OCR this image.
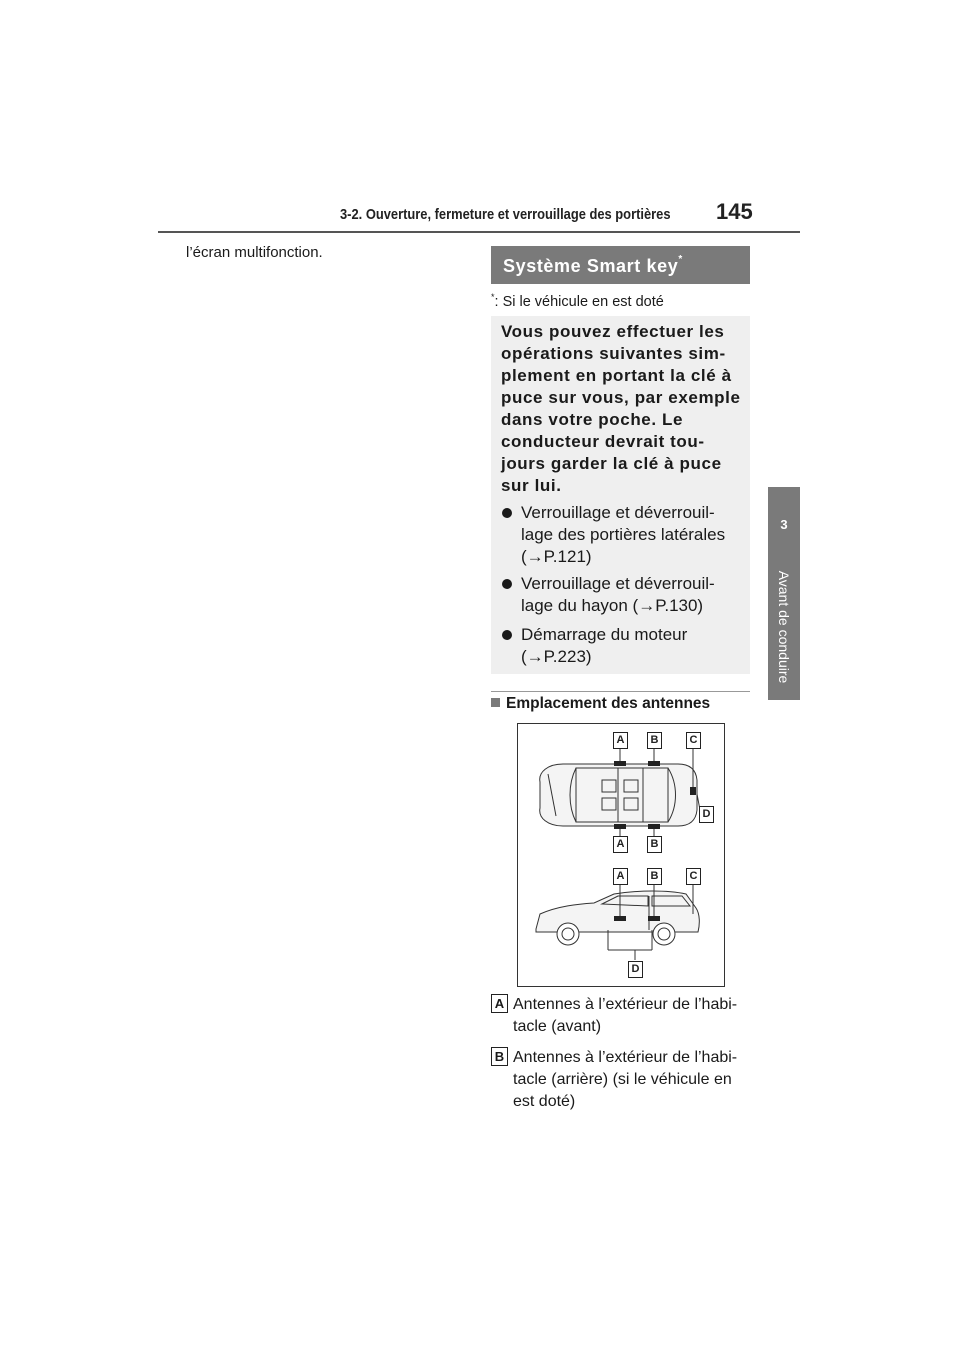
3-2. Ouverture, fermeture et verrouillage des portières 145
3
Avant de conduire
l’écran multifonction.
Système Smart key*
*: Si le véhicule en est doté
Vous pouvez effectuer les
opérations suivantes sim-
plement en portant la clé à
puce sur vous, par exemple
dans votre poche. Le
conducteur devrait tou-
jours garder la clé à puce
sur lui.
Verrouillage et déverrouil-
lage des portières latérales
(→P.121)
Verrouillage et déverrouil-
lage du hayon (→P.130)
Démarrage du moteur
(→P.223)
Emplacement des antennes
A	B	C
D
A	B
A	B	C
D
A Antennes à l’extérieur de l’habi-
tacle (avant)
B Antennes à l’extérieur de l’habi-
tacle (arrière) (si le véhicule en
est doté)
